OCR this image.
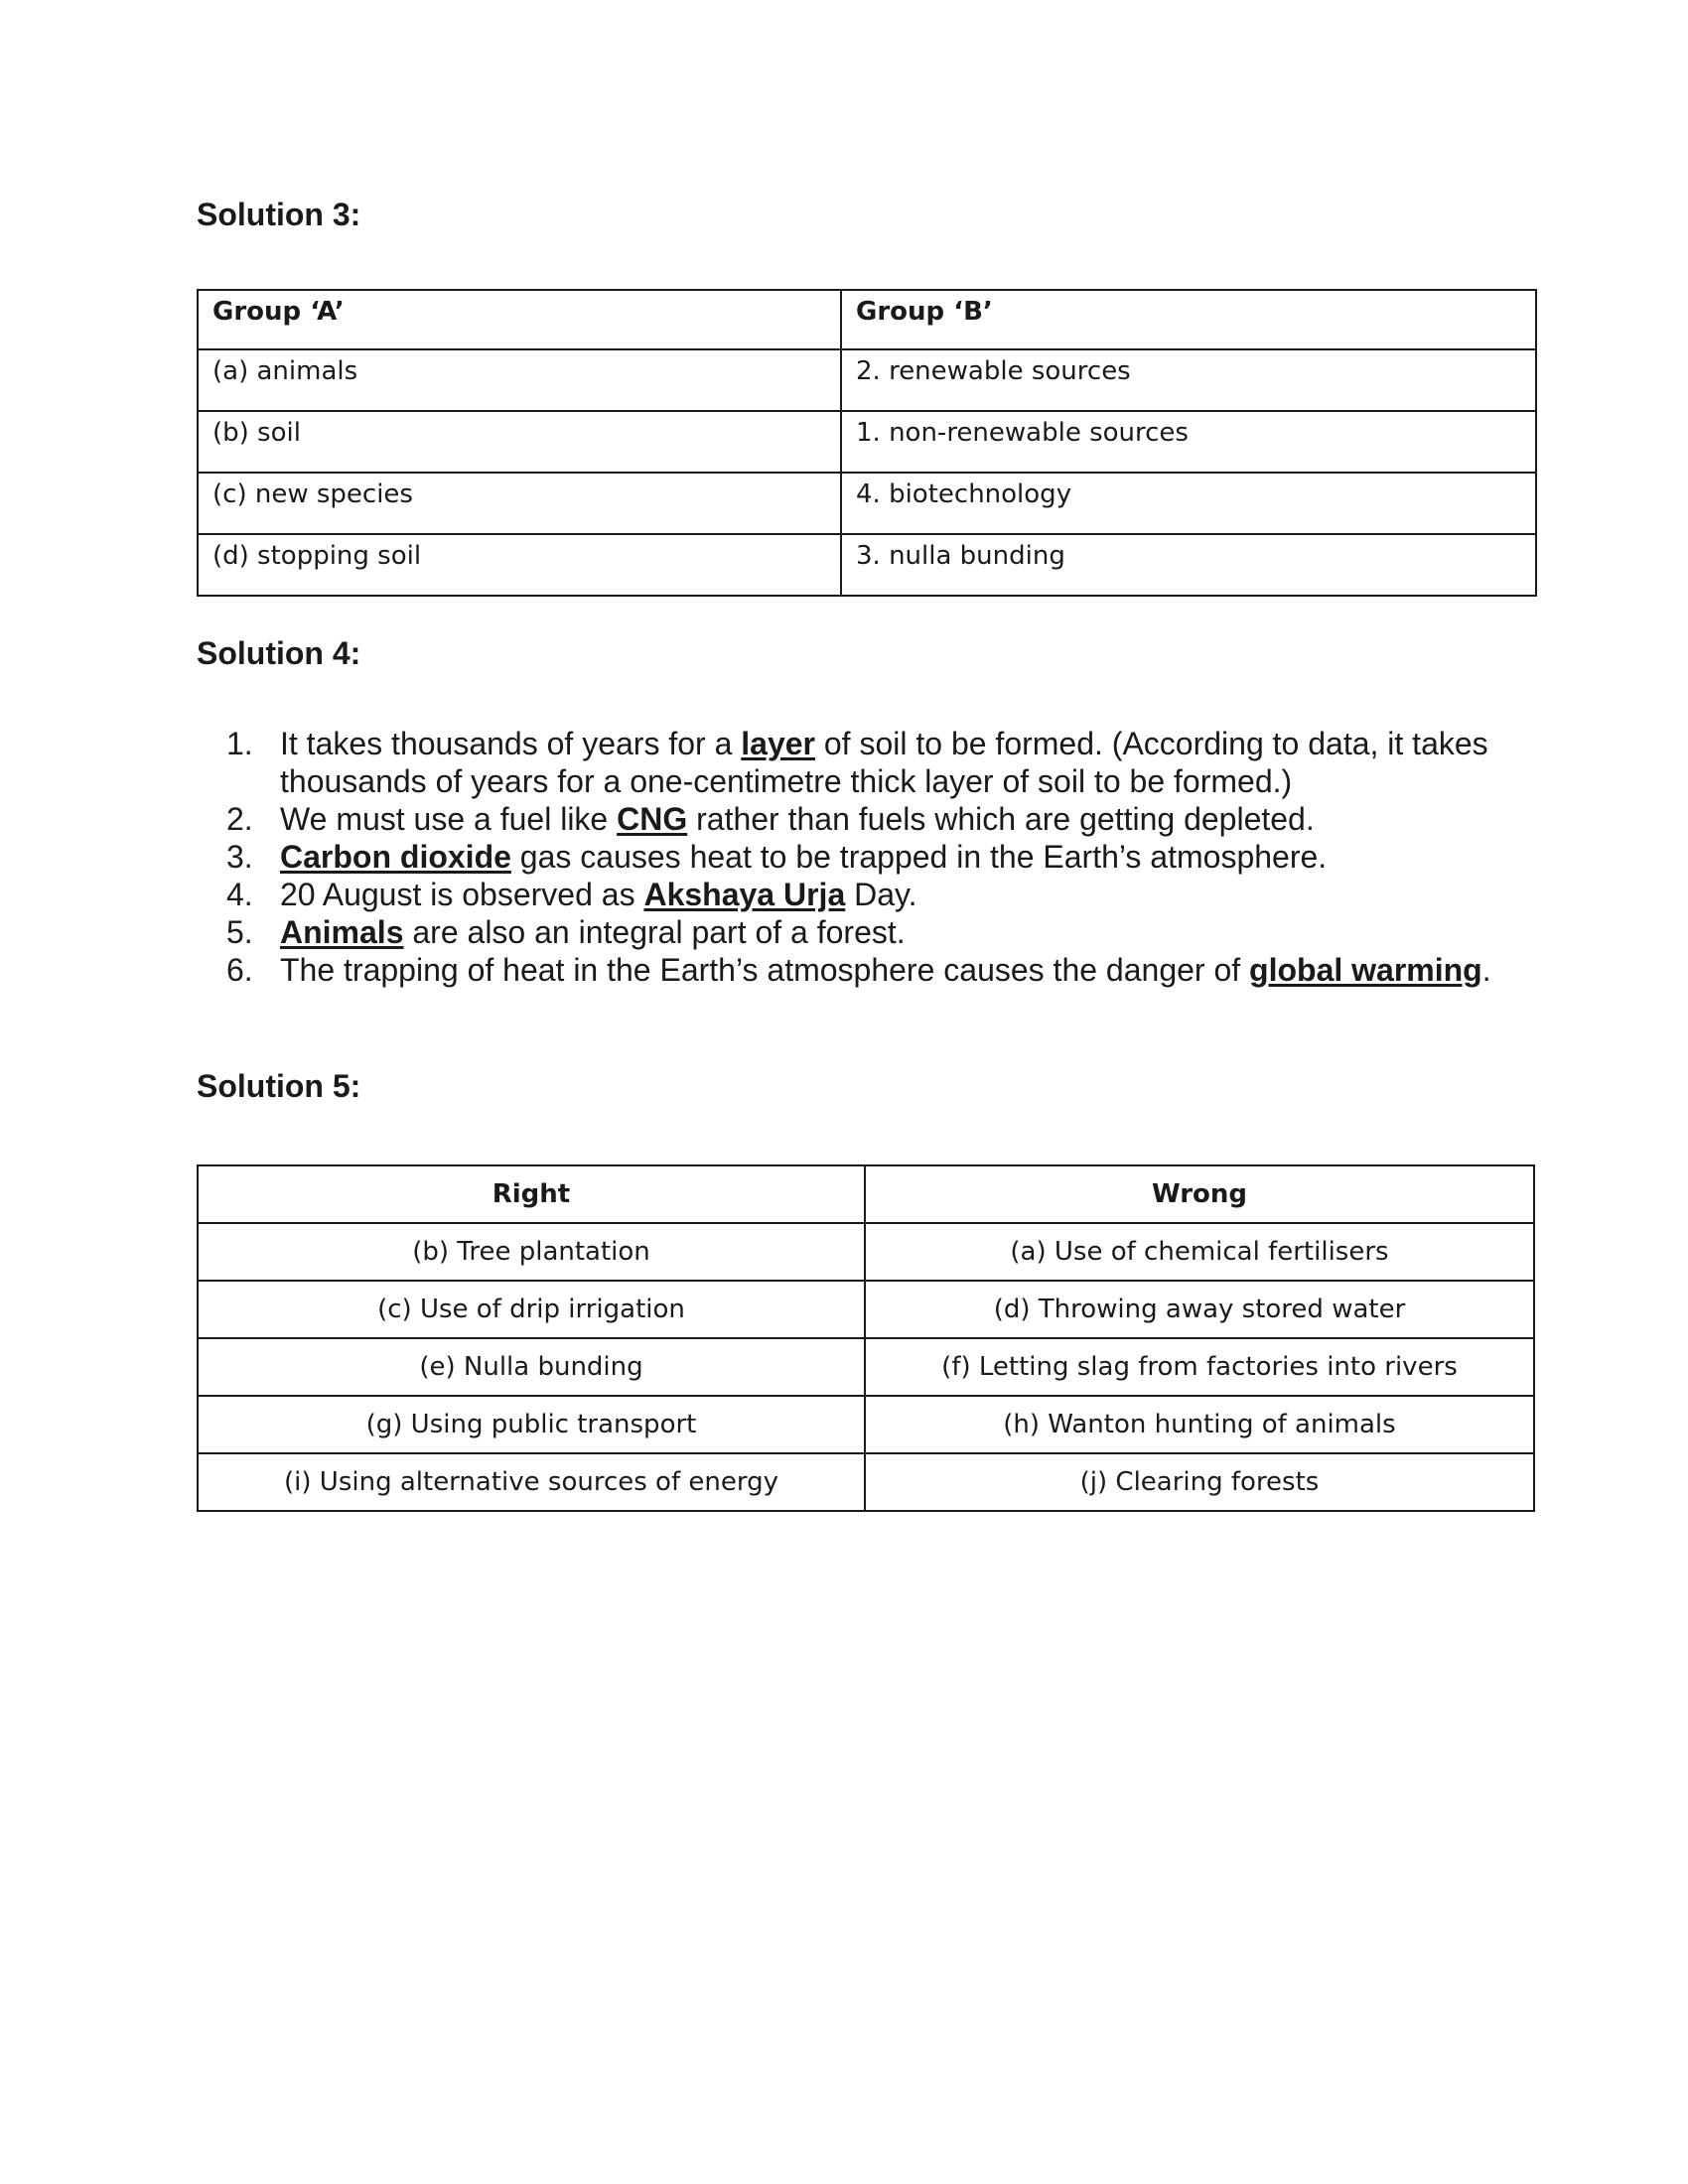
Solution 3:
Group ‘A’	Group ‘B’
(a) animals	2. renewable sources
(b) soil	1. non-renewable sources
(c) new species	4. biotechnology
(d) stopping soil	3. nulla bunding
Solution 4:
1. It takes thousands of years for a layer of soil to be formed. (According to data, it takes thousands of years for a one-centimetre thick layer of soil to be formed.)
2. We must use a fuel like CNG rather than fuels which are getting depleted.
3. Carbon dioxide gas causes heat to be trapped in the Earth’s atmosphere.
4. 20 August is observed as Akshaya Urja Day.
5. Animals are also an integral part of a forest.
6. The trapping of heat in the Earth’s atmosphere causes the danger of global warming.
Solution 5:
Right	Wrong
(b) Tree plantation	(a) Use of chemical fertilisers
(c) Use of drip irrigation	(d) Throwing away stored water
(e) Nulla bunding	(f) Letting slag from factories into rivers
(g) Using public transport	(h) Wanton hunting of animals
(i) Using alternative sources of energy	(j) Clearing forests
